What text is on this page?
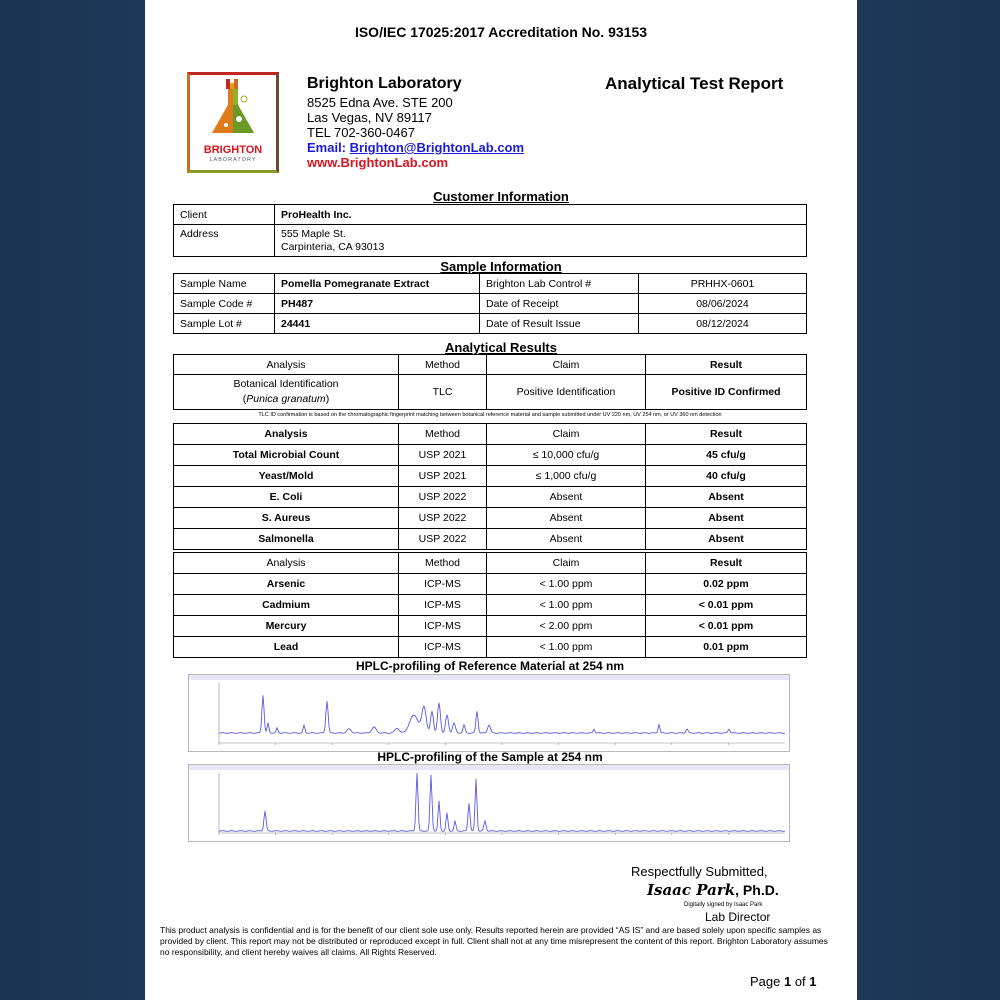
ISO/IEC 17025:2017 Accreditation No. 93153
BRIGHTON
LABORATORY
Brighton Laboratory
8525 Edna Ave. STE 200
Las Vegas, NV 89117
TEL 702-360-0467
Email: Brighton@BrightonLab.com
www.BrightonLab.com
Analytical Test Report
Customer Information
Client	ProHealth Inc.
Address	555 Maple St.
Carpinteria, CA 93013
Sample Information
Sample Name	Pomella Pomegranate Extract	Brighton Lab Control #	PRHHX-0601
Sample Code #	PH487	Date of Receipt	08/06/2024
Sample Lot #	24441	Date of Result Issue	08/12/2024
Analytical Results
Analysis	Method	Claim	Result

Botanical Identification
(Punica granatum)	TLC	Positive Identification	Positive ID Confirmed
TLC ID confirmation is based on the chromatographic fingerprint matching between botanical reference material and sample submitted under UV 220 nm, UV 254 nm, or UV 360 nm detection
Analysis	Method	Claim	Result
Total Microbial Count	USP 2021	≤ 10,000 cfu/g	45 cfu/g
Yeast/Mold	USP 2021	≤ 1,000 cfu/g	40 cfu/g
E. Coli	USP 2022	Absent	Absent
S. Aureus	USP 2022	Absent	Absent
Salmonella	USP 2022	Absent	Absent
Analysis	Method	Claim	Result
Arsenic	ICP-MS	< 1.00 ppm	0.02 ppm
Cadmium	ICP-MS	< 1.00 ppm	< 0.01 ppm
Mercury	ICP-MS	< 2.00 ppm	< 0.01 ppm
Lead	ICP-MS	< 1.00 ppm	0.01 ppm
HPLC-profiling of Reference Material at 254 nm
HPLC-profiling of the Sample at 254 nm
Respectfully Submitted,
Isaac Park, Ph.D.
Digitally signed by Isaac Park
Lab Director
This product analysis is confidential and is for the benefit of our client sole use only. Results reported herein are provided “AS IS” and are based solely upon specific samples as provided by client. This report may not be distributed or reproduced except in full. Client shall not at any time misrepresent the content of this report. Brighton Laboratory assumes no responsibility, and client hereby waives all claims. All Rights Reserved.
Page 1 of 1
